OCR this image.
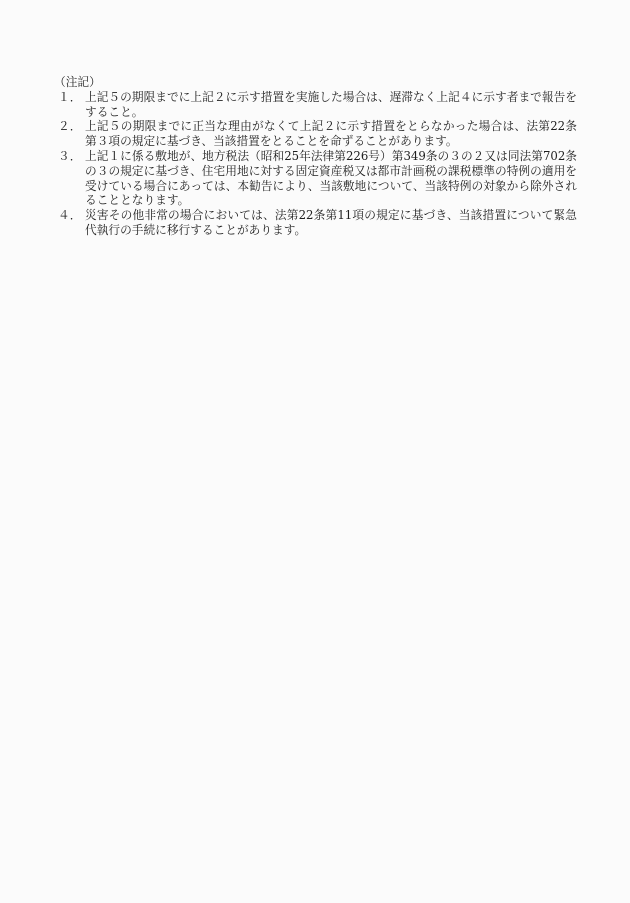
（注記）

１． 上記５の期限までに上記２に示す措置を実施した場合は、遅滞なく上記４に示す者まで報告をすること。
２． 上記５の期限までに正当な理由がなくて上記２に示す措置をとらなかった場合は、法第22条第３項の規定に基づき、当該措置をとることを命ずることがあります。
３． 上記１に係る敷地が、地方税法（昭和25年法律第226号）第349条の３の２又は同法第702条の３の規定に基づき、住宅用地に対する固定資産税又は都市計画税の課税標準の特例の適用を受けている場合にあっては、本勧告により、当該敷地について、当該特例の対象から除外されることとなります。
４． 災害その他非常の場合においては、法第22条第11項の規定に基づき、当該措置について緊急代執行の手続に移行することがあります。
